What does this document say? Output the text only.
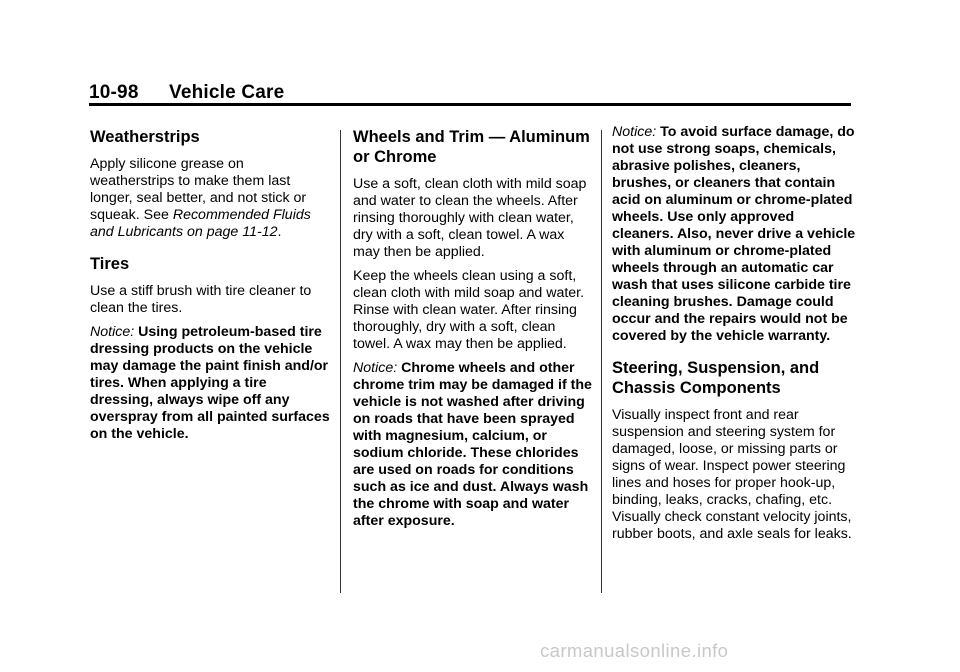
10-98 Vehicle Care
Weatherstrips

Apply silicone grease on weatherstrips to make them last longer, seal better, and not stick or squeak. See Recommended Fluids and Lubricants on page 11-12.

Tires

Use a stiff brush with tire cleaner to clean the tires.

Notice: Using petroleum-based tire dressing products on the vehicle may damage the paint finish and/or tires. When applying a tire dressing, always wipe off any overspray from all painted surfaces on the vehicle.

Wheels and Trim — Aluminum or Chrome

Use a soft, clean cloth with mild soap and water to clean the wheels. After rinsing thoroughly with clean water, dry with a soft, clean towel. A wax may then be applied.

Keep the wheels clean using a soft, clean cloth with mild soap and water. Rinse with clean water. After rinsing thoroughly, dry with a soft, clean towel. A wax may then be applied.

Notice: Chrome wheels and other chrome trim may be damaged if the vehicle is not washed after driving on roads that have been sprayed with magnesium, calcium, or sodium chloride. These chlorides are used on roads for conditions such as ice and dust. Always wash the chrome with soap and water after exposure.

Notice: To avoid surface damage, do not use strong soaps, chemicals, abrasive polishes, cleaners, brushes, or cleaners that contain acid on aluminum or chrome-plated wheels. Use only approved cleaners. Also, never drive a vehicle with aluminum or chrome-plated wheels through an automatic car wash that uses silicone carbide tire cleaning brushes. Damage could occur and the repairs would not be covered by the vehicle warranty.

Steering, Suspension, and Chassis Components

Visually inspect front and rear suspension and steering system for damaged, loose, or missing parts or signs of wear. Inspect power steering lines and hoses for proper hook-up, binding, leaks, cracks, chafing, etc. Visually check constant velocity joints, rubber boots, and axle seals for leaks.

carmanualsonline.info
